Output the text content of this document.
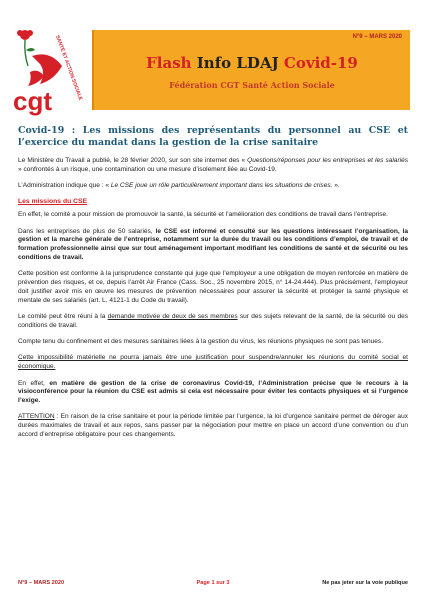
cgt SANTÉ ET ACTION SOCIALE	N°9 – MARS 2020
Flash Info LDAJ Covid-19
Fédération CGT Santé Action Sociale
Covid-19 : Les missions des représentants du personnel au CSE et l’exercice du mandat dans la gestion de la crise sanitaire

Le Ministère du Travail a publié, le 28 février 2020, sur son site internet des « Questions/réponses pour les entreprises et les salariés » confrontés à un risque, une contamination ou une mesure d’isolement liée au Covid-19.

L’Administration indique que : « Le CSE joue un rôle particulièrement important dans les situations de crises. ».

Les missions du CSE

En effet, le comité a pour mission de promouvoir la santé, la sécurité et l’amélioration des conditions de travail dans l’entreprise.

Dans les entreprises de plus de 50 salariés, le CSE est informé et consulté sur les questions intéressant l’organisation, la gestion et la marche générale de l’entreprise, notamment sur la durée du travail ou les conditions d’emploi, de travail et de formation professionnelle ainsi que sur tout aménagement important modifiant les conditions de santé et de sécurité ou les conditions de travail.

Cette position est conforme à la jurisprudence constante qui juge que l’employeur a une obligation de moyen renforcée en matière de prévention des risques, et ce, depuis l’arrêt Air France (Cass. Soc., 25 novembre 2015, n° 14-24.444). Plus précisément, l’employeur doit justifier avoir mis en œuvre les mesures de prévention nécessaires pour assurer la sécurité et protéger la santé physique et mentale de ses salariés (art. L. 4121-1 du Code du travail).

Le comité peut être réuni à la demande motivée de deux de ses membres sur des sujets relevant de la santé, de la sécurité ou des conditions de travail.

Compte tenu du confinement et des mesures sanitaires liées à la gestion du virus, les réunions physiques ne sont pas tenues.

Cette impossibilité matérielle ne pourra jamais être une justification pour suspendre/annuler les réunions du comité social et économique.

En effet, en matière de gestion de la crise de coronavirus Covid-19, l’Administration précise que le recours à la visioconférence pour la réunion du CSE est admis si cela est nécessaire pour éviter les contacts physiques et si l’urgence l’exige.

ATTENTION : En raison de la crise sanitaire et pour la période limitée par l’urgence, la loi d’urgence sanitaire permet de déroger aux durées maximales de travail et aux repos, sans passer par la négociation pour mettre en place un accord d’une convention ou d’un accord d’entreprise obligatoire pour ces changements.

N°9 – MARS 2020	Page 1 sur 3	Ne pas jeter sur la voie publique
